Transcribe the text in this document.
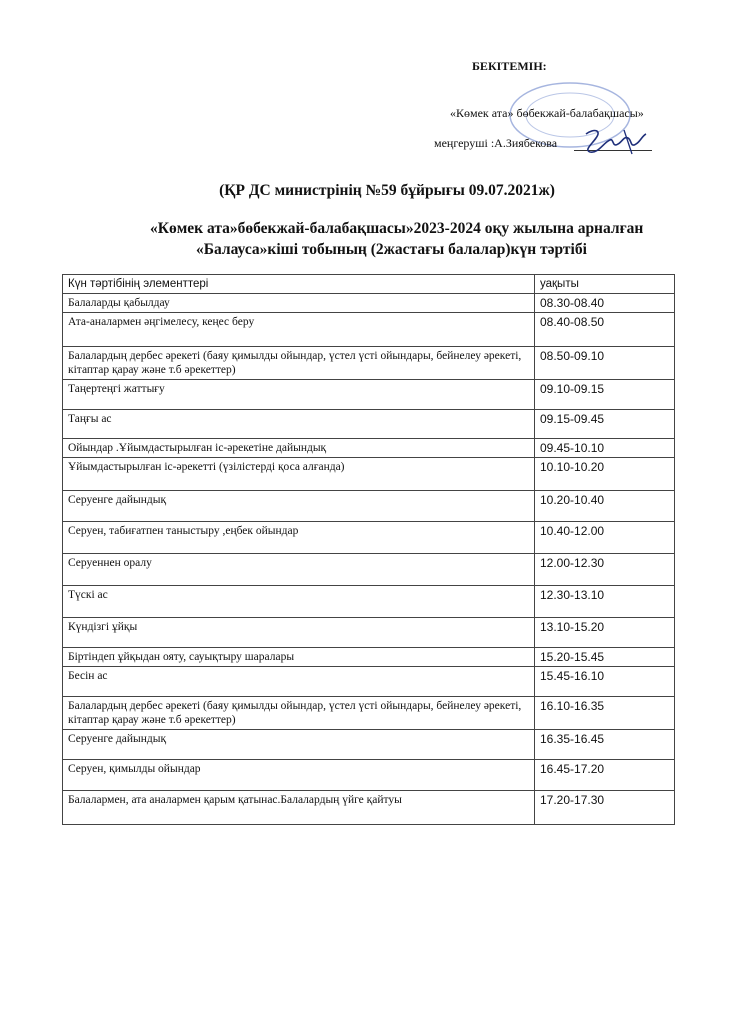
БЕКІТЕМІН:
«Көмек ата» бөбекжай-балабақшасы»
меңгеруші :А.Зиябекова
(ҚР ДС министрінің №59 бұйрығы 09.07.2021ж)
«Көмек ата»бөбекжай-балабақшасы»2023-2024 оқу жылына арналған
«Балауса»кіші тобының (2жастағы балалар)күн тәртібі
Күн тәртібінің элементтері	уақыты
Балаларды қабылдау	08.30-08.40
Ата-аналармен әңгімелесу, кеңес беру	08.40-08.50
Балалардың дербес әрекеті (баяу қимылды ойындар, үстел үсті ойындары, бейнелеу әрекеті, кітаптар қарау және т.б әрекеттер)	08.50-09.10
Таңертеңгі жаттығу	09.10-09.15
Таңғы ас	09.15-09.45
Ойындар .Ұйымдастырылған іс-әрекетіне дайындық	09.45-10.10
Ұйымдастырылған іс-әрекетті (үзілістерді қоса алғанда)	10.10-10.20
Серуенге дайындық	10.20-10.40
Серуен, табиғатпен таныстыру ,еңбек ойындар	10.40-12.00
Серуеннен оралу	12.00-12.30
Түскі ас	12.30-13.10
Күндізгі ұйқы	13.10-15.20
Біртіндеп ұйқыдан ояту, сауықтыру шаралары	15.20-15.45
Бесін ас	15.45-16.10
Балалардың дербес әрекеті (баяу қимылды ойындар, үстел үсті ойындары, бейнелеу әрекеті, кітаптар қарау және т.б әрекеттер)	16.10-16.35
Серуенге дайындық	16.35-16.45
Серуен, қимылды ойындар	16.45-17.20
Балалармен, ата аналармен қарым қатынас.Балалардың үйге қайтуы	17.20-17.30
